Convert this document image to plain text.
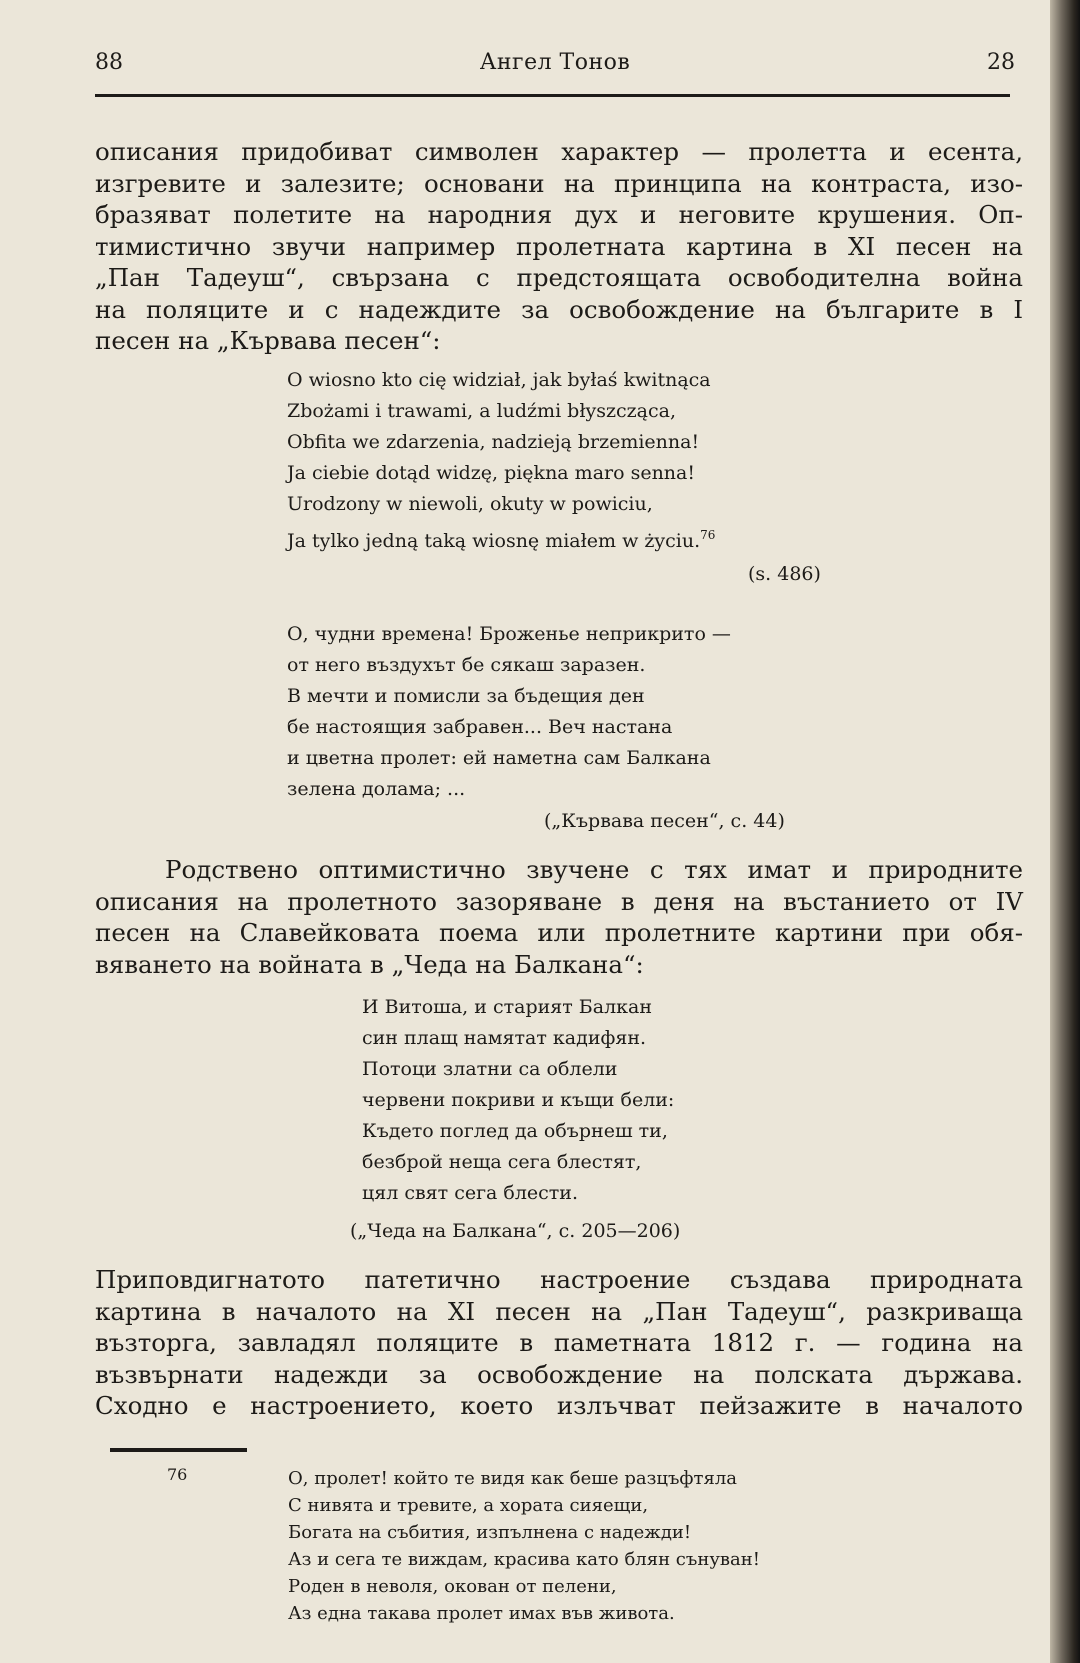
88	Ангел Тонов	28
описания придобиват символен характер — пролетта и есента,
изгревите и залезите; основани на принципа на контраста, изо-
бразяват полетите на народния дух и неговите крушения. Оп-
тимистично звучи например пролетната картина в XI песен на
„Пан Тадеуш“, свързана с предстоящата освободителна война
на поляците и с надеждите за освобождение на българите в I
песен на „Кървава песен“:
O wiosno kto cię widział, jak byłaś kwitnąca
Zbożami i trawami, a ludźmi błyszcząca,
Obfita we zdarzenia, nadzieją brzemienna!
Ja ciebie dotąd widzę, piękna maro senna!
Urodzony w niewoli, okuty w powiciu,
Ja tylko jedną taką wiosnę miałem w życiu.$^{76}$
(s. 486)
О, чудни времена! Броженье неприкрито —
от него въздухът бе сякаш заразен.
В мечти и помисли за бъдещия ден
бе настоящия забравен... Веч настана
и цветна пролет: ей наметна сам Балкана
зелена долама; ...
(„Кървава песен“, с. 44)
Родствено оптимистично звучене с тях имат и природните
описания на пролетното зазоряване в деня на въстанието от IV
песен на Славейковата поема или пролетните картини при обя-
вяването на войната в „Чеда на Балкана“:
И Витоша, и старият Балкан
син плащ намятат кадифян.
Потоци златни са облели
червени покриви и къщи бели:
Където поглед да обърнеш ти,
безброй неща сега блестят,
цял свят сега блести.
(„Чеда на Балкана“, с. 205—206)
Приповдигнатото патетично настроение създава природната
картина в началото на XI песен на „Пан Тадеуш“, разкриваща
възторга, завладял поляците в паметната 1812 г. — година на
възвърнати надежди за освобождение на полската държава.
Сходно е настроението, което излъчват пейзажите в началото
76	О, пролет! който те видя как беше разцъфтяла
С нивята и тревите, а хората сияещи,
Богата на събития, изпълнена с надежди!
Аз и сега те виждам, красива като блян сънуван!
Роден в неволя, окован от пелени,
Аз една такава пролет имах във живота.
